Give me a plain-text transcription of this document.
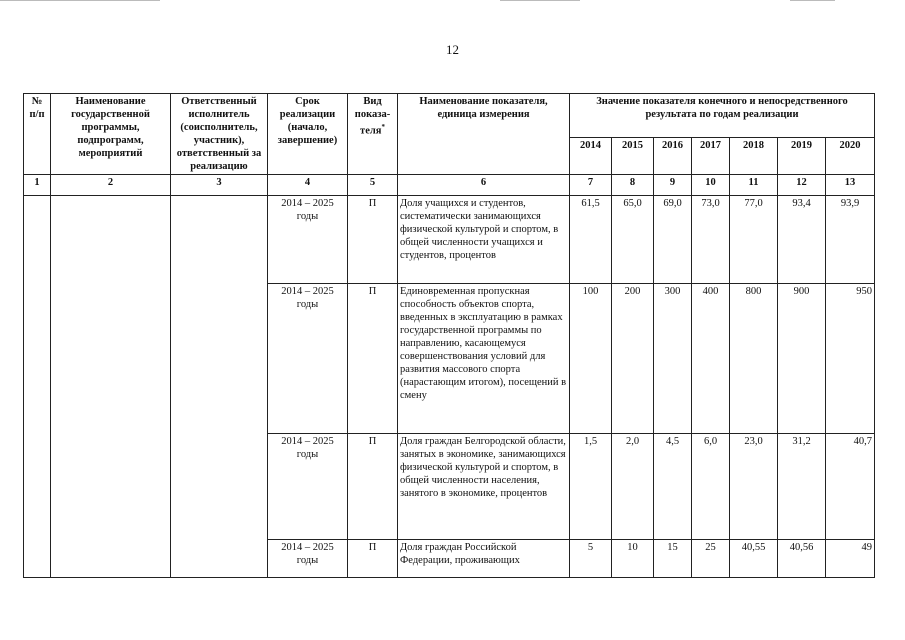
12
№ п/п	Наименование государственной программы, подпрограмм, мероприятий	Ответственный исполнитель (соисполнитель, участник), ответственный за реализацию	Срок реализации (начало, завершение)	Вид показа-теля*	Наименование показателя, единица измерения	Значение показателя конечного и непосредственного результата по годам реализации						
						2014	2015	2016	2017	2018	2019	2020
1	2	3	4	5	6	7	8	9	10	11	12	13
			2014 – 2025 годы	П	Доля учащихся и студентов, систематически занимающихся физической культурой и спортом, в общей численности учащихся и студентов, процентов	61,5	65,0	69,0	73,0	77,0	93,4	93,9
			2014 – 2025 годы	П	Единовременная пропускная способность объектов спорта, введенных в эксплуатацию в рамках государственной программы по направлению, касающемуся совершенствования условий для развития массового спорта (нарастающим итогом), посещений в смену	100	200	300	400	800	900	950
			2014 – 2025 годы	П	Доля граждан Белгородской области, занятых в экономике, занимающихся физической культурой и спортом, в общей численности населения, занятого в экономике, процентов	1,5	2,0	4,5	6,0	23,0	31,2	40,7
			2014 – 2025 годы	П	Доля граждан Российской Федерации, проживающих	5	10	15	25	40,55	40,56	49
